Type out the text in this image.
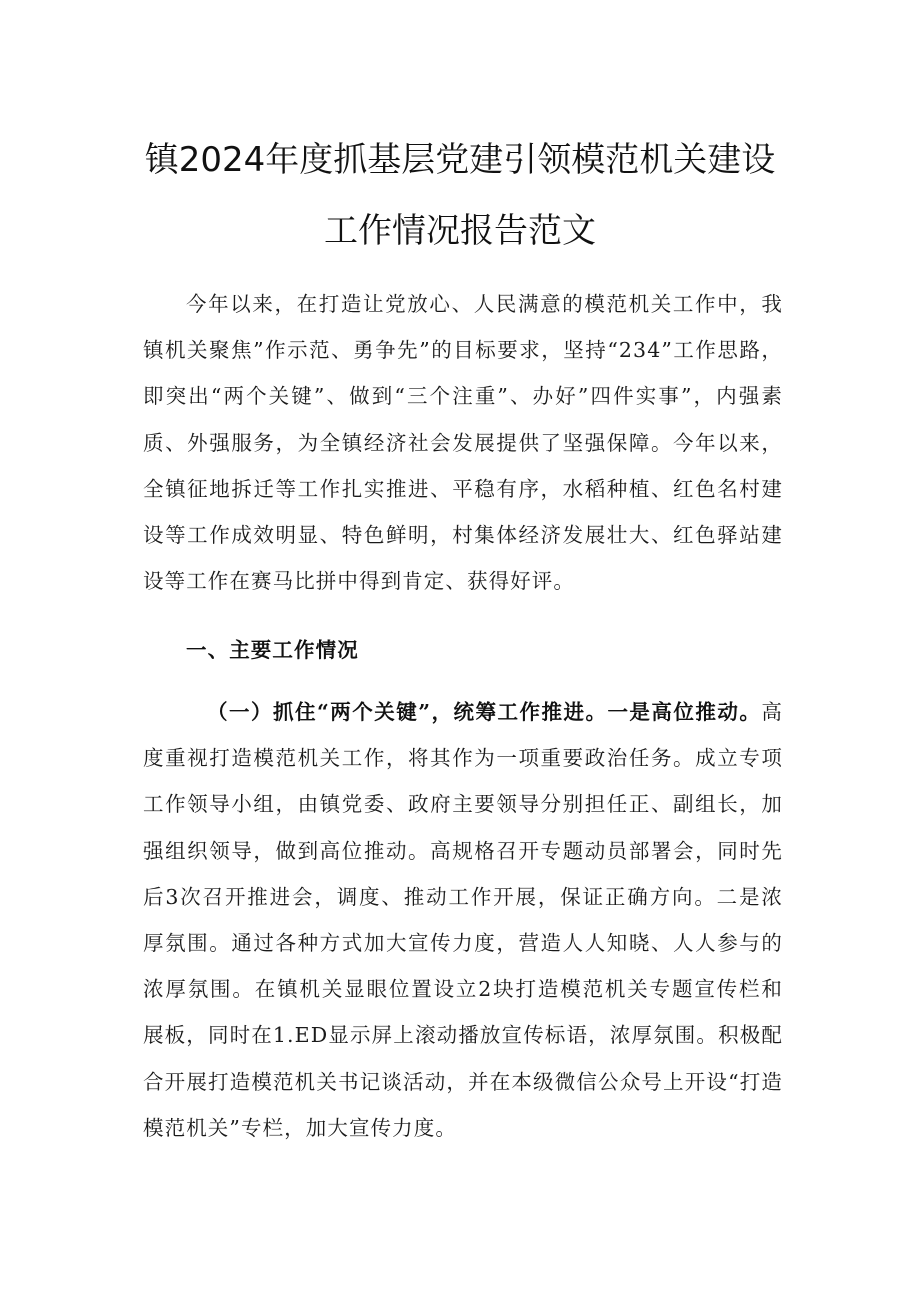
镇2024年度抓基层党建引领模范机关建设
工作情况报告范文

今年以来，在打造让党放心、人民满意的模范机关工作中，我镇机关聚焦”作示范、勇争先”的目标要求，坚持“234”工作思路，即突出“两个关键”、做到“三个注重”、办好”四件实事”，内强素质、外强服务，为全镇经济社会发展提供了坚强保障。今年以来，全镇征地拆迁等工作扎实推进、平稳有序，水稻种植、红色名村建设等工作成效明显、特色鲜明，村集体经济发展壮大、红色驿站建设等工作在赛马比拼中得到肯定、获得好评。

一、主要工作情况

（一）抓住“两个关键”，统筹工作推进。一是高位推动。高度重视打造模范机关工作，将其作为一项重要政治任务。成立专项工作领导小组，由镇党委、政府主要领导分别担任正、副组长，加强组织领导，做到高位推动。高规格召开专题动员部署会，同时先后3次召开推进会，调度、推动工作开展，保证正确方向。二是浓厚氛围。通过各种方式加大宣传力度，营造人人知晓、人人参与的浓厚氛围。在镇机关显眼位置设立2块打造模范机关专题宣传栏和展板，同时在1.ED显示屏上滚动播放宣传标语，浓厚氛围。积极配合开展打造模范机关书记谈活动，并在本级微信公众号上开设“打造模范机关”专栏，加大宣传力度。
